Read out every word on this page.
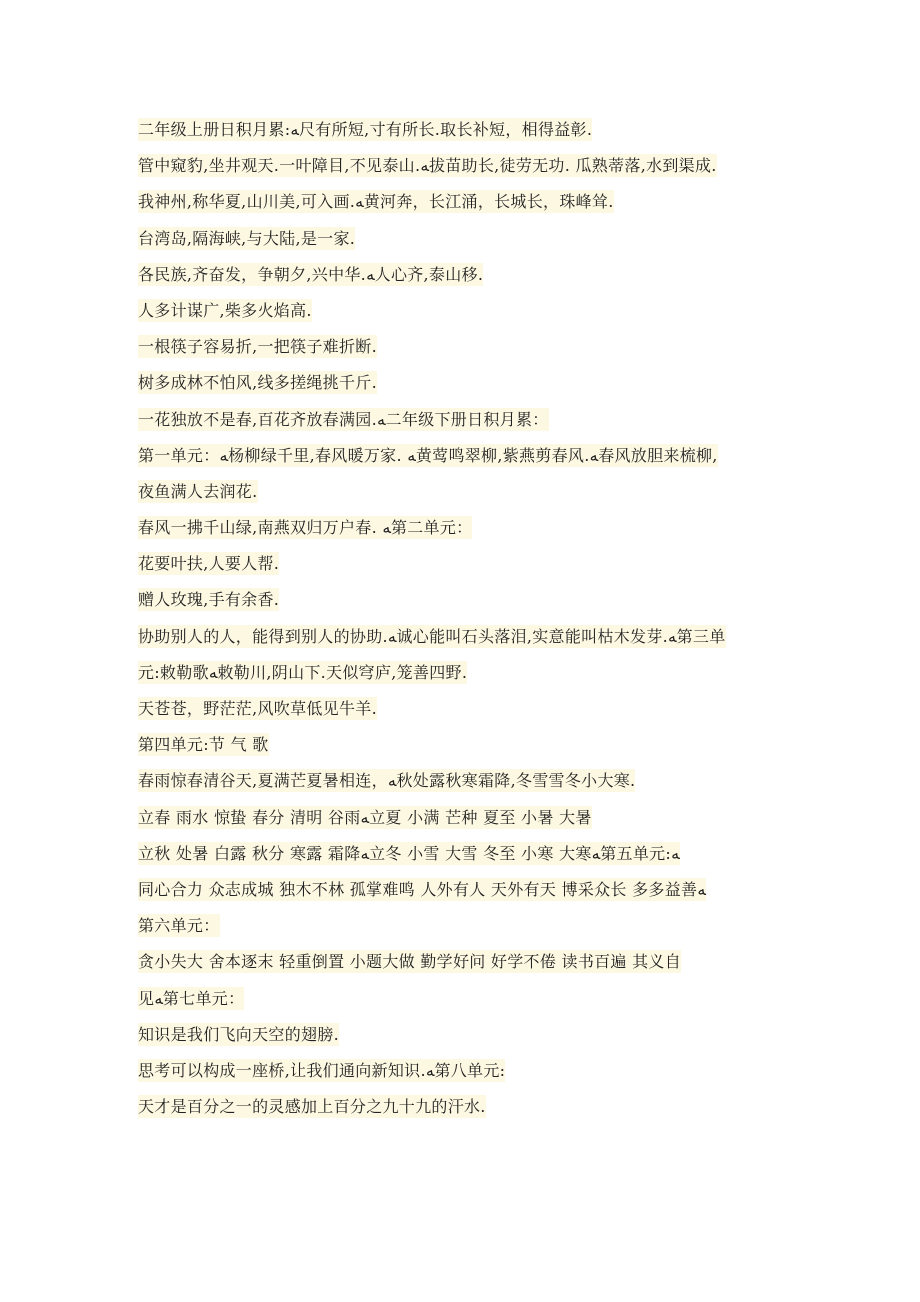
二年级上册日积月累:ﻪ尺有所短,寸有所长.取长补短，相得益彰.
管中窥豹,坐井观天.一叶障目,不见泰山.ﻪ拔苗助长,徒劳无功. 瓜熟蒂落,水到渠成.
我神州,称华夏,山川美,可入画.ﻪ黄河奔，长江涌，长城长，珠峰耸.
台湾岛,隔海峡,与大陆,是一家.
各民族,齐奋发，争朝夕,兴中华.ﻪ人心齐,泰山移.
人多计谋广,柴多火焰高.
一根筷子容易折,一把筷子难折断.
树多成林不怕风,线多搓绳挑千斤.
一花独放不是春,百花齐放春满园.ﻪ二年级下册日积月累：
第一单元：ﻪ杨柳绿千里,春风暖万家. ﻪ黄莺鸣翠柳,紫燕剪春风.ﻪ春风放胆来梳柳,
夜鱼满人去润花.
春风一拂千山绿,南燕双归万户春. ﻪ第二单元：
花要叶扶,人要人帮.
赠人玫瑰,手有余香.
协助别人的人，能得到别人的协助.ﻪ诚心能叫石头落泪,实意能叫枯木发芽.ﻪ第三单
元:敕勒歌ﻪ敕勒川,阴山下.天似穹庐,笼善四野.
天苍苍，野茫茫,风吹草低见牛羊.
第四单元:节 气 歌
春雨惊春清谷天,夏满芒夏暑相连，ﻪ秋处露秋寒霜降,冬雪雪冬小大寒.
立春 雨水 惊蛰 春分 清明 谷雨ﻪ立夏 小满 芒种 夏至 小暑 大暑
立秋 处暑 白露 秋分 寒露 霜降ﻪ立冬 小雪 大雪 冬至 小寒 大寒ﻪ第五单元:ﻪ
同心合力 众志成城 独木不林 孤掌难鸣 人外有人 天外有天 博采众长 多多益善ﻪ
第六单元：
贪小失大 舍本逐末 轻重倒置 小题大做 勤学好问 好学不倦 读书百遍 其义自
见ﻪ第七单元：
知识是我们飞向天空的翅膀.
思考可以构成一座桥,让我们通向新知识.ﻪ第八单元:
天才是百分之一的灵感加上百分之九十九的汗水.
